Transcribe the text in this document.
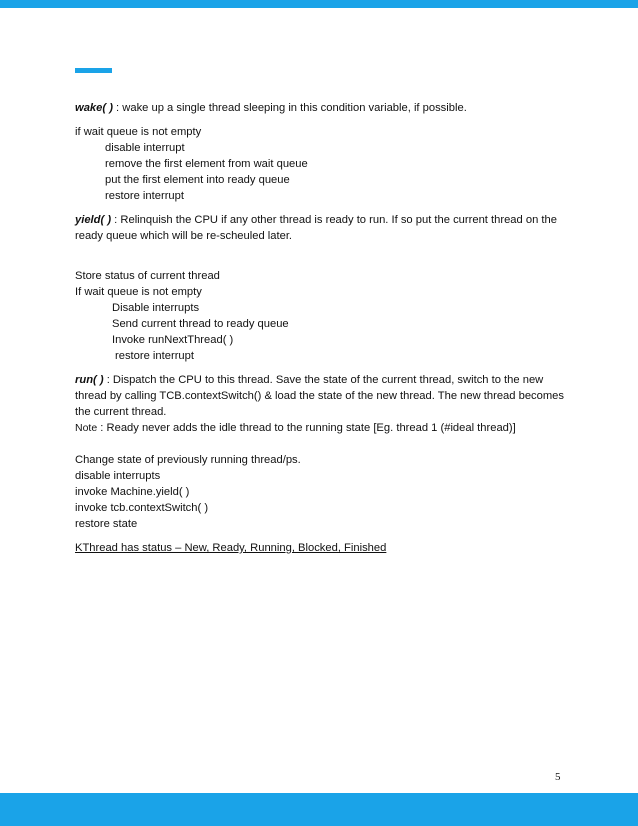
wake( ) : wake up a single thread sleeping in this condition variable, if possible.

if wait queue is not empty
disable interrupt
remove the first element from wait queue
put the first element into ready queue
restore interrupt

yield( ) : Relinquish the CPU if any other thread is ready to run. If so put the current thread on the ready queue which will be re-scheuled later.

Store status of current thread
If wait queue is not empty
Disable interrupts
Send current thread to ready queue
Invoke runNextThread( )
restore interrupt

run( ) : Dispatch the CPU to this thread. Save the state of the current thread, switch to the new thread by calling TCB.contextSwitch() & load the state of the new thread. The new thread becomes the current thread.

Note : Ready never adds the idle thread to the running state [Eg. thread 1 (#ideal thread)]
Change state of previously running thread/ps.
disable interrupts
invoke Machine.yield( )
invoke tcb.contextSwitch( )
restore state
KThread has status – New, Ready, Running, Blocked, Finished
5
